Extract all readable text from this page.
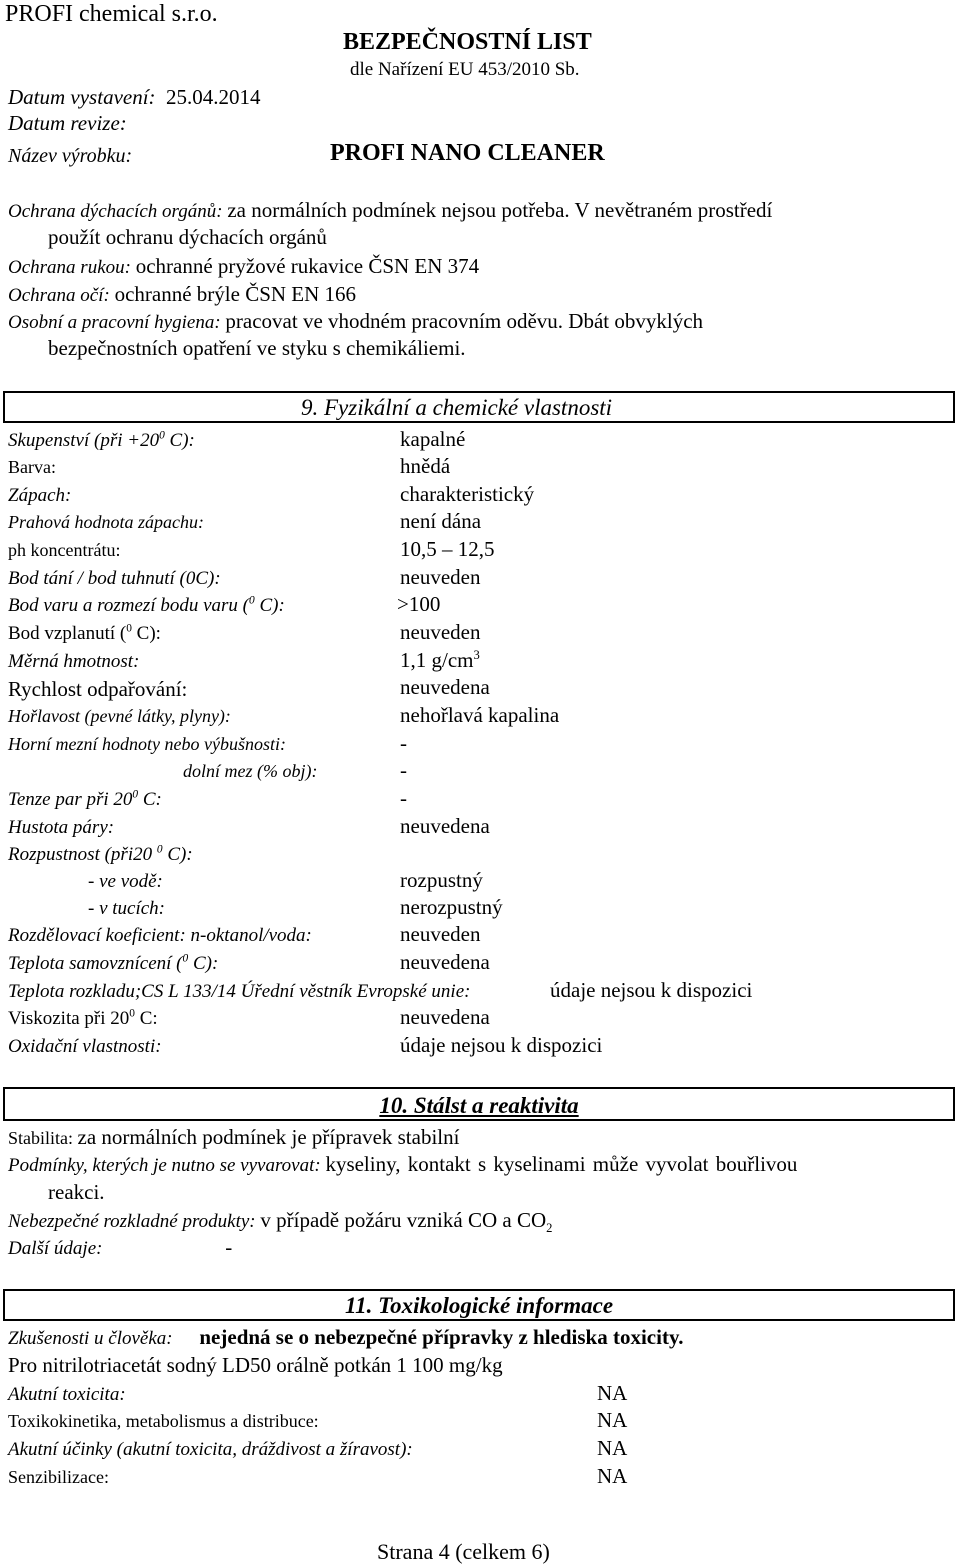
PROFI chemical s.r.o.
BEZPEČNOSTNÍ LIST
dle Nařízení EU 453/2010 Sb.
Datum vystavení: 25.04.2014
Datum revize:
Název výrobku:	PROFI NANO CLEANER
Ochrana dýchacích orgánů: za normálních podmínek nejsou potřeba. V nevětraném prostředí
použít ochranu dýchacích orgánů
Ochrana rukou: ochranné pryžové rukavice ČSN EN 374
Ochrana očí: ochranné brýle ČSN EN 166
Osobní a pracovní hygiena: pracovat ve vhodném pracovním oděvu. Dbát obvyklých
bezpečnostních opatření ve styku s chemikáliemi.
9. Fyzikální a chemické vlastnosti
Skupenství (při $+20^0$ C):	kapalné
Barva:	hnědá
Zápach:	charakteristický
Prahová hodnota zápachu:	není dána
ph koncentrátu:	10,5 – 12,5
Bod tání / bod tuhnutí (0C):	neuveden
Bod varu a rozmezí bodu varu ($^0$ C):	>100
Bod vzplanutí ($^0$ C):	neuveden
Měrná hmotnost:	1,1 $g/cm^3$
Rychlost odpařování:	neuvedena
Hořlavost (pevné látky, plyny):	nehořlavá kapalina
Horní mezní hodnoty nebo výbušnosti:	-
dolní mez (% obj):	-
Tenze par při $20^0$ C:	-
Hustota páry:	neuvedena
Rozpustnost (při20 $^0$ C):
- ve vodě:	rozpustný
- v tucích:	nerozpustný
Rozdělovací koeficient: n-oktanol/voda:	neuveden
Teplota samovznícení ($^0$ C):	neuvedena
Teplota rozkladu;CS L 133/14 Úřední věstník Evropské unie:	údaje nejsou k dispozici
Viskozita při $20^0$ C:	neuvedena
Oxidační vlastnosti:	údaje nejsou k dispozici
10. Stálst a reaktivita
Stabilita: za normálních podmínek je přípravek stabilní
Podmínky, kterých je nutno se vyvarovat: kyseliny, kontakt s kyselinami může vyvolat bouřlivou
reakci.
Nebezpečné rozkladné produkty: v případě požáru vzniká CO a $CO_2$
Další údaje:	-
11. Toxikologické informace
Zkušenosti u člověka: nejedná se o nebezpečné přípravky z hlediska toxicity.
Pro nitrilotriacetát sodný LD50 orálně potkán 1 100 mg/kg
Akutní toxicita:	NA
Toxikokinetika, metabolismus a distribuce:	NA
Akutní účinky (akutní toxicita, dráždivost a žíravost):	NA
Senzibilizace:	NA
Strana 4 (celkem 6)
